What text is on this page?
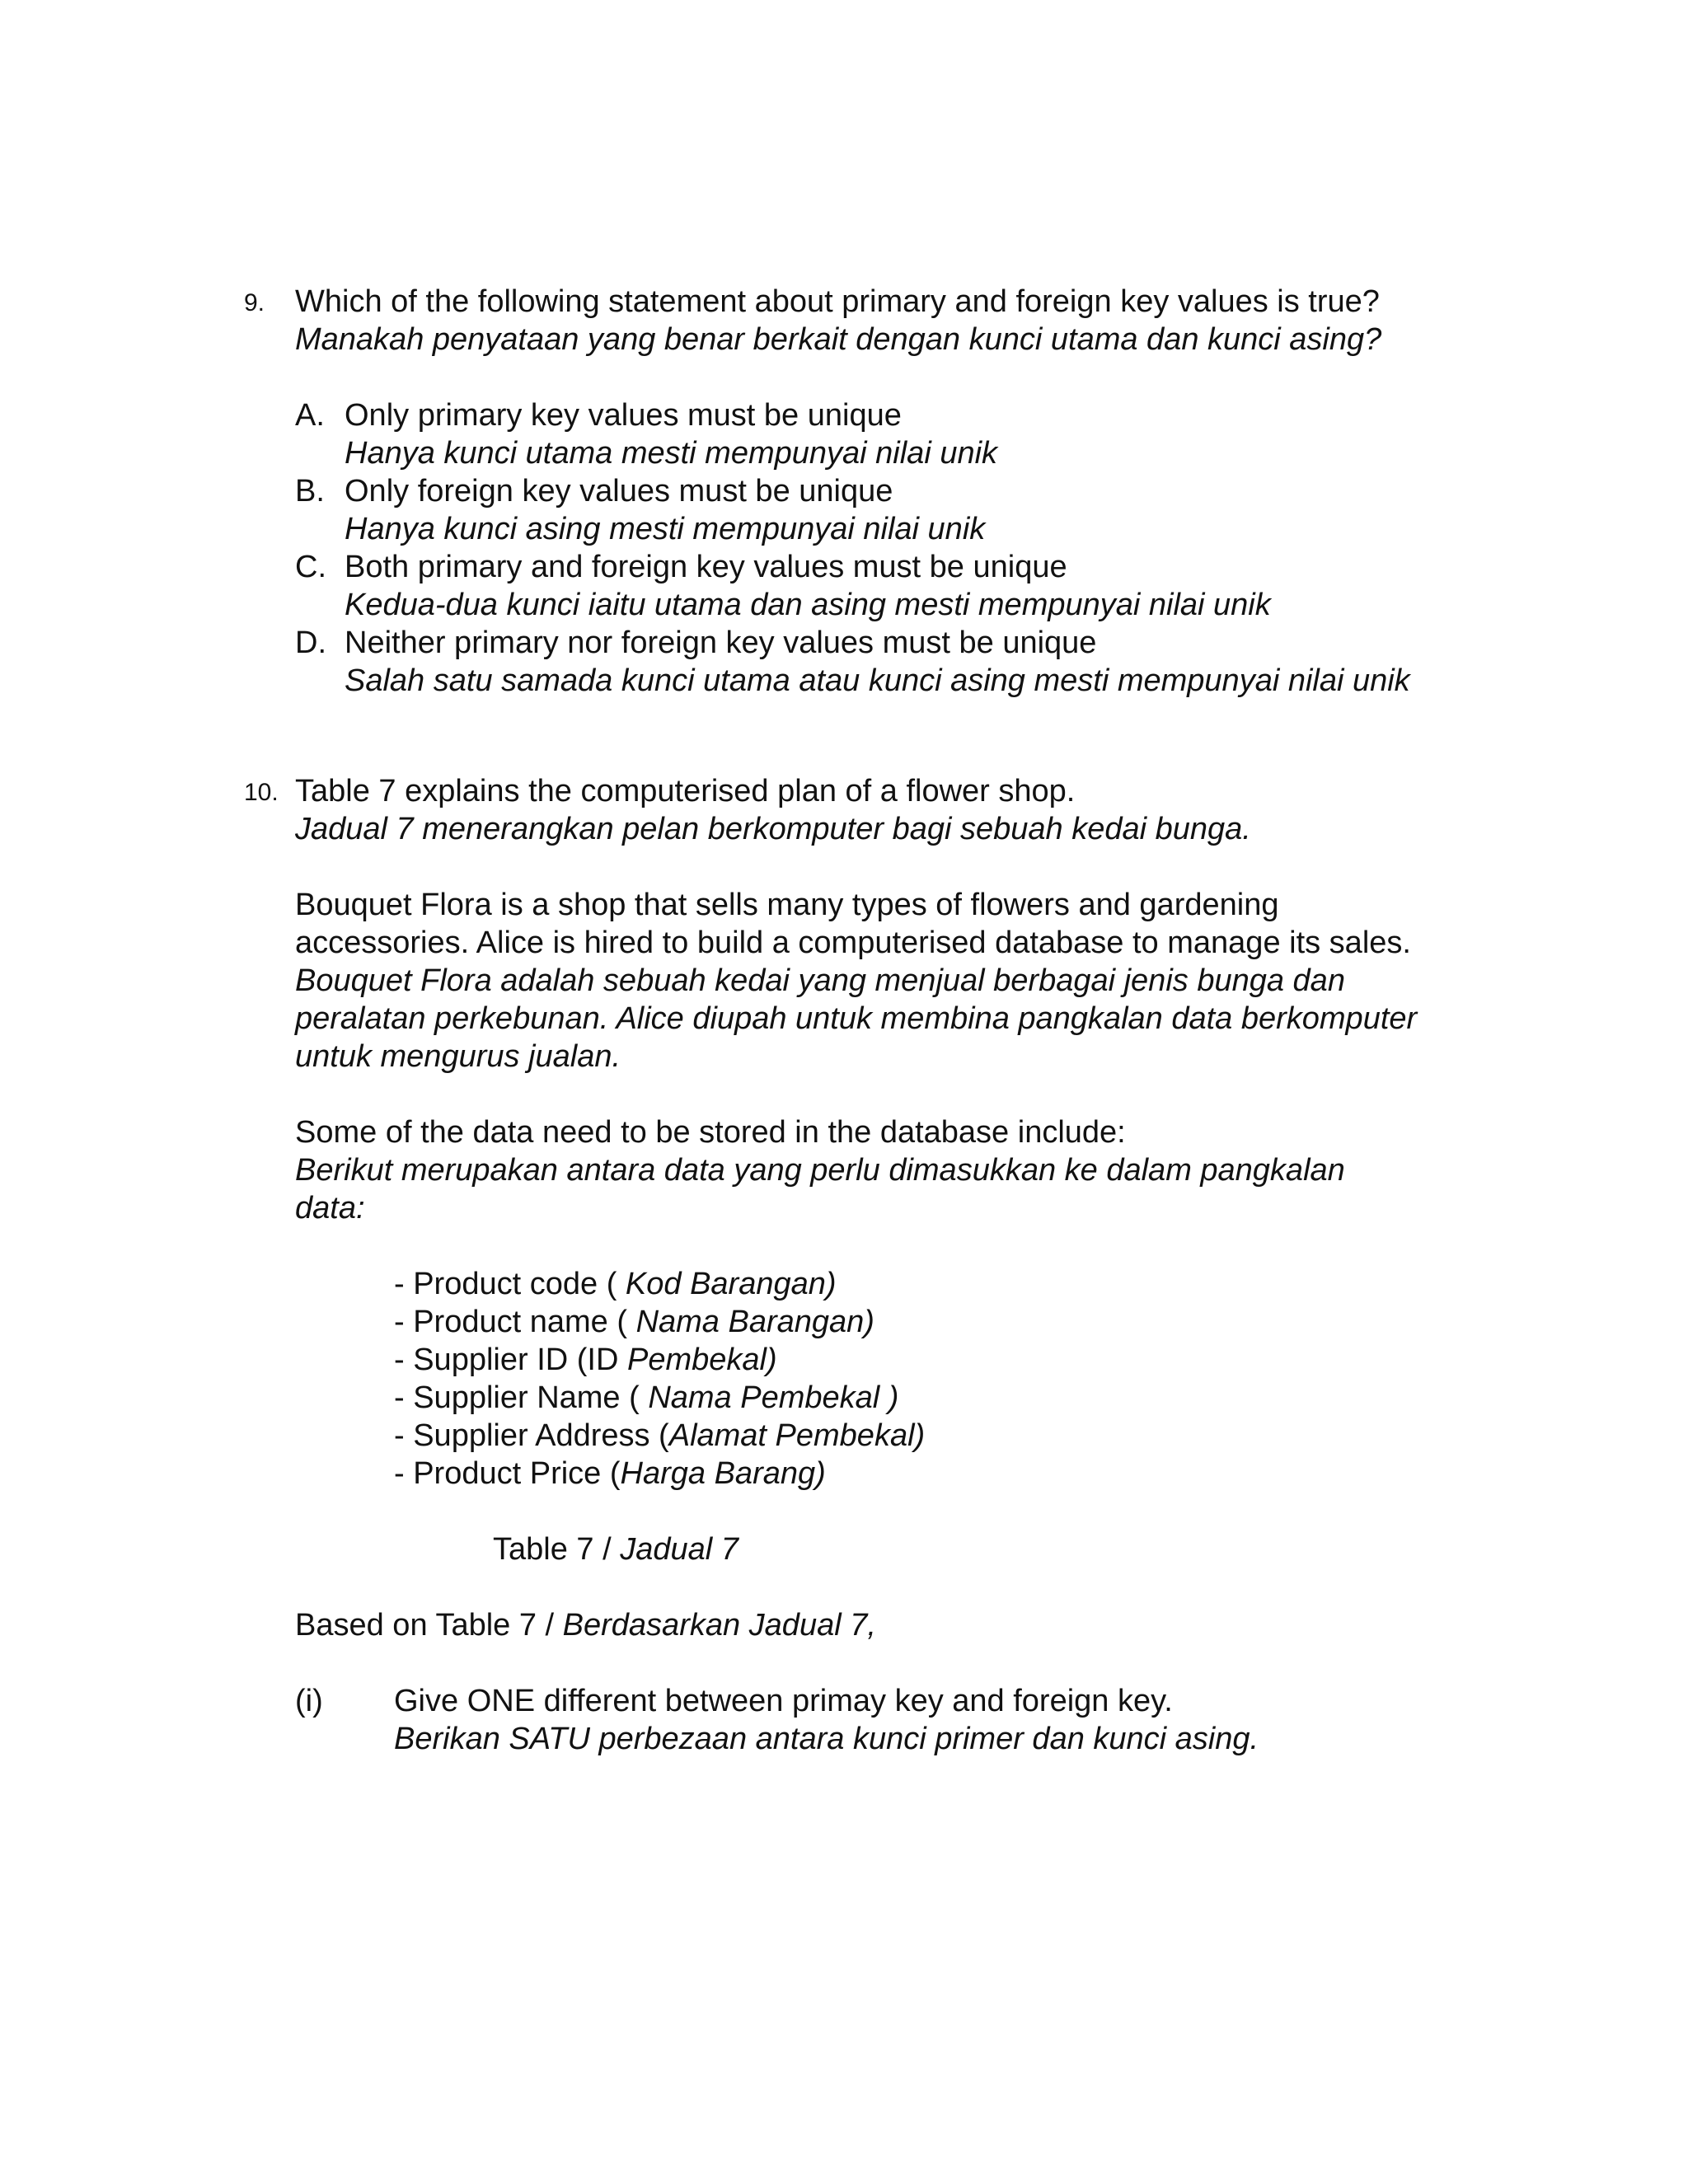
9. Which of the following statement about primary and foreign key values is true?
Manakah penyataan yang benar berkait dengan kunci utama dan kunci asing?
A. Only primary key values must be unique
Hanya kunci utama mesti mempunyai nilai unik
B. Only foreign key values must be unique
Hanya kunci asing mesti mempunyai nilai unik
C. Both primary and foreign key values must be unique
Kedua-dua kunci iaitu utama dan asing mesti mempunyai nilai unik
D. Neither primary nor foreign key values must be unique
Salah satu samada kunci utama atau kunci asing mesti mempunyai nilai unik
10. Table 7 explains the computerised plan of a flower shop.
Jadual 7 menerangkan pelan berkomputer bagi sebuah kedai bunga.
Bouquet Flora is a shop that sells many types of flowers and gardening
accessories. Alice is hired to build a computerised database to manage its sales.
Bouquet Flora adalah sebuah kedai yang menjual berbagai jenis bunga dan
peralatan perkebunan. Alice diupah untuk membina pangkalan data berkomputer
untuk mengurus jualan.
Some of the data need to be stored in the database include:
Berikut merupakan antara data yang perlu dimasukkan ke dalam pangkalan
data:
- Product code ( Kod Barangan)
- Product name ( Nama Barangan)
- Supplier ID (ID Pembekal)
- Supplier Name ( Nama Pembekal )
- Supplier Address (Alamat Pembekal)
- Product Price (Harga Barang)
Table 7 / Jadual 7
Based on Table 7 / Berdasarkan Jadual 7,
(i) Give ONE different between primay key and foreign key.
Berikan SATU perbezaan antara kunci primer dan kunci asing.
